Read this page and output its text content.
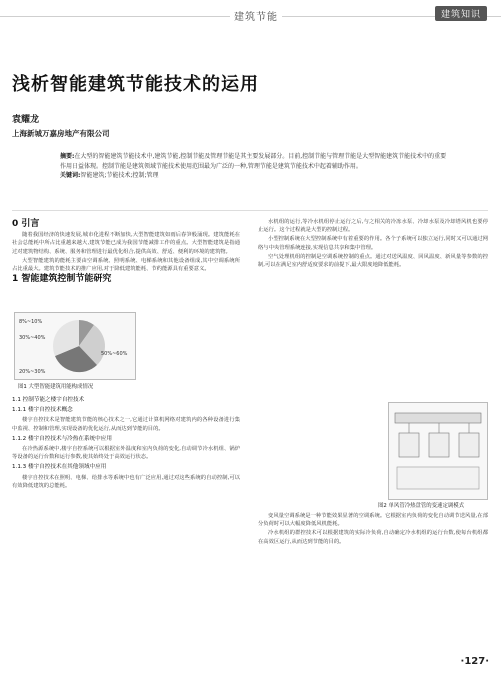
建筑节能	建筑知识
浅析智能建筑节能技术的运用
袁耀龙
上海新城万嘉房地产有限公司
摘要:在大型的智能建筑节能技术中,建筑节能,控制节能及管理节能是其主要发展部分。目前,控制节能与管理节能是大型智能建筑节能技术中的重要作用日益体现。控制节能是建筑领域节能技术使用范围最为广泛的一种,管理节能是建筑节能技术中起着辅助作用。
关键词:智能建筑;节能技术;控制;管理
0 引言

随着我国经济的快速发展,城市化进程不断加快,大型智能建筑如雨后春笋般涌现。建筑能耗在社会总能耗中所占比重越来越大,建筑节能已成为我国节能减排工作的重点。大型智能建筑是指通过对建筑物结构、系统、服务和管理进行最优化组合,提供高效、舒适、便利的环境的建筑物。

大型智能建筑的能耗主要由空调系统、照明系统、电梯系统和其他设备组成,其中空调系统所占比重最大。建筑节能技术的推广应用,对于降低建筑能耗、节约能源具有重要意义。

1 智能建筑控制节能研究
8%~10%
30%~40%
20%~30%
50%~60%
图1 大型智能建筑用能构成情况
1.1 控制节能之楼宇自控技术
1.1.1 楼宇自控技术概念

楼宇自控技术是智能建筑节能的核心技术之一,它通过计算机网络对建筑内的各种设备进行集中监视、控制和管理,实现设备的优化运行,从而达到节能的目的。

1.1.2 楼宇自控技术与冷热在系统中应用

在冷热源系统中,楼宇自控系统可以根据室外温度和室内负荷的变化,自动调节冷水机组、锅炉等设备的运行台数和运行参数,使其始终处于高效运行状态。

1.1.3 楼宇自控技术在其他领域中应用

楼宇自控技术在照明、电梯、给排水等系统中也有广泛应用,通过对这些系统的自动控制,可以有效降低建筑的总能耗。

水机组的运行,等冷水机组停止运行之后,与之相关的冷冻水泵、冷却水泵及冷却塔风机也要停止运行。这个过程就是大型的控制过程。

小型控制系统在大型控制系统中有着重要的作用。各个子系统可以独立运行,同时又可以通过网络与中央管理系统连接,实现信息共享和集中管理。

空气处理机组的控制是空调系统控制的重点。通过对送风温度、回风温度、新风量等参数的控制,可以在满足室内舒适度要求的前提下,最大限度地降低能耗。

图2 单风管冷热盘管的变速定调模式

变风量空调系统是一种节能效果显著的空调系统。它根据室内负荷的变化自动调节送风量,在部分负荷时可以大幅度降低风机能耗。

冷水机组的群控技术可以根据建筑的实际冷负荷,自动确定冷水机组的运行台数,使每台机组都在高效区运行,从而达到节能的目的。

·127·
